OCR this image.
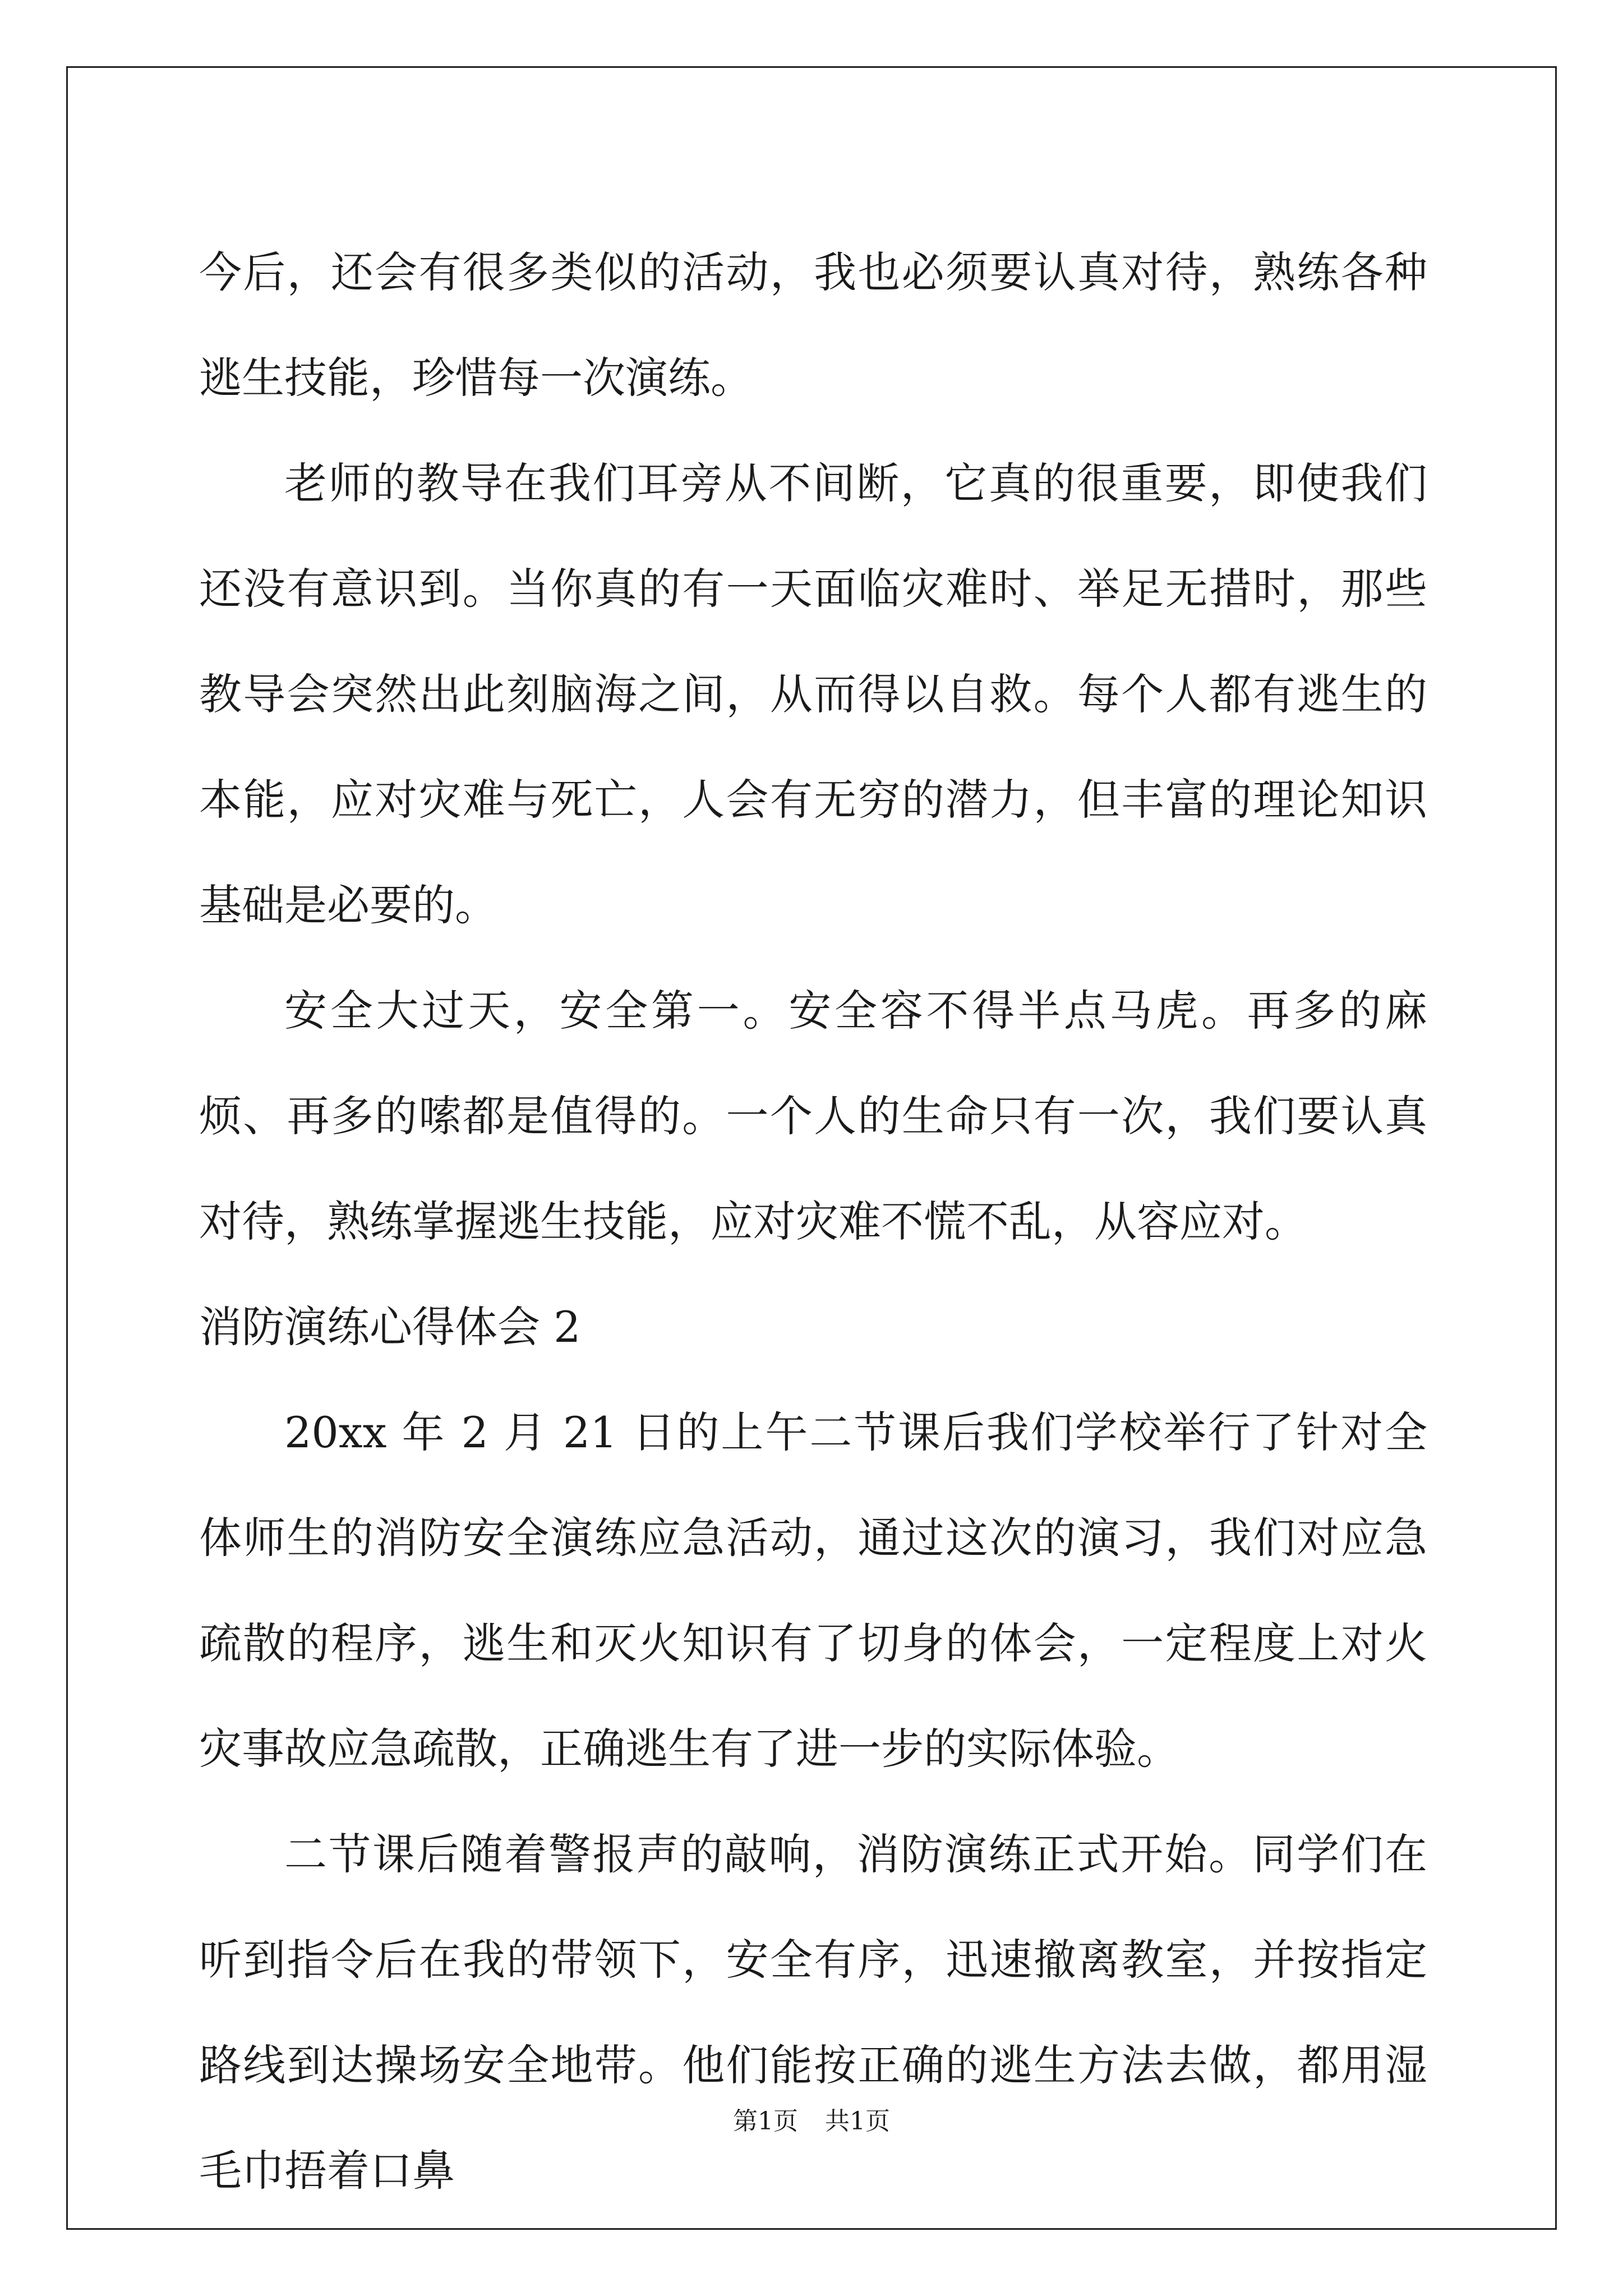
今后，还会有很多类似的活动，我也必须要认真对待，熟练各种逃生技能，珍惜每一次演练。

老师的教导在我们耳旁从不间断，它真的很重要，即使我们还没有意识到。当你真的有一天面临灾难时、举足无措时，那些教导会突然出此刻脑海之间，从而得以自救。每个人都有逃生的本能，应对灾难与死亡，人会有无穷的潜力，但丰富的理论知识基础是必要的。

安全大过天，安全第一。安全容不得半点马虎。再多的麻烦、再多的嗦都是值得的。一个人的生命只有一次，我们要认真对待，熟练掌握逃生技能，应对灾难不慌不乱，从容应对。

消防演练心得体会 2

20xx 年 2 月 21 日的上午二节课后我们学校举行了针对全体师生的消防安全演练应急活动，通过这次的演习，我们对应急疏散的程序，逃生和灭火知识有了切身的体会，一定程度上对火灾事故应急疏散，正确逃生有了进一步的实际体验。

二节课后随着警报声的敲响，消防演练正式开始。同学们在听到指令后在我的带领下，安全有序，迅速撤离教室，并按指定路线到达操场安全地带。他们能按正确的逃生方法去做，都用湿毛巾捂着口鼻

第1页 共1页
